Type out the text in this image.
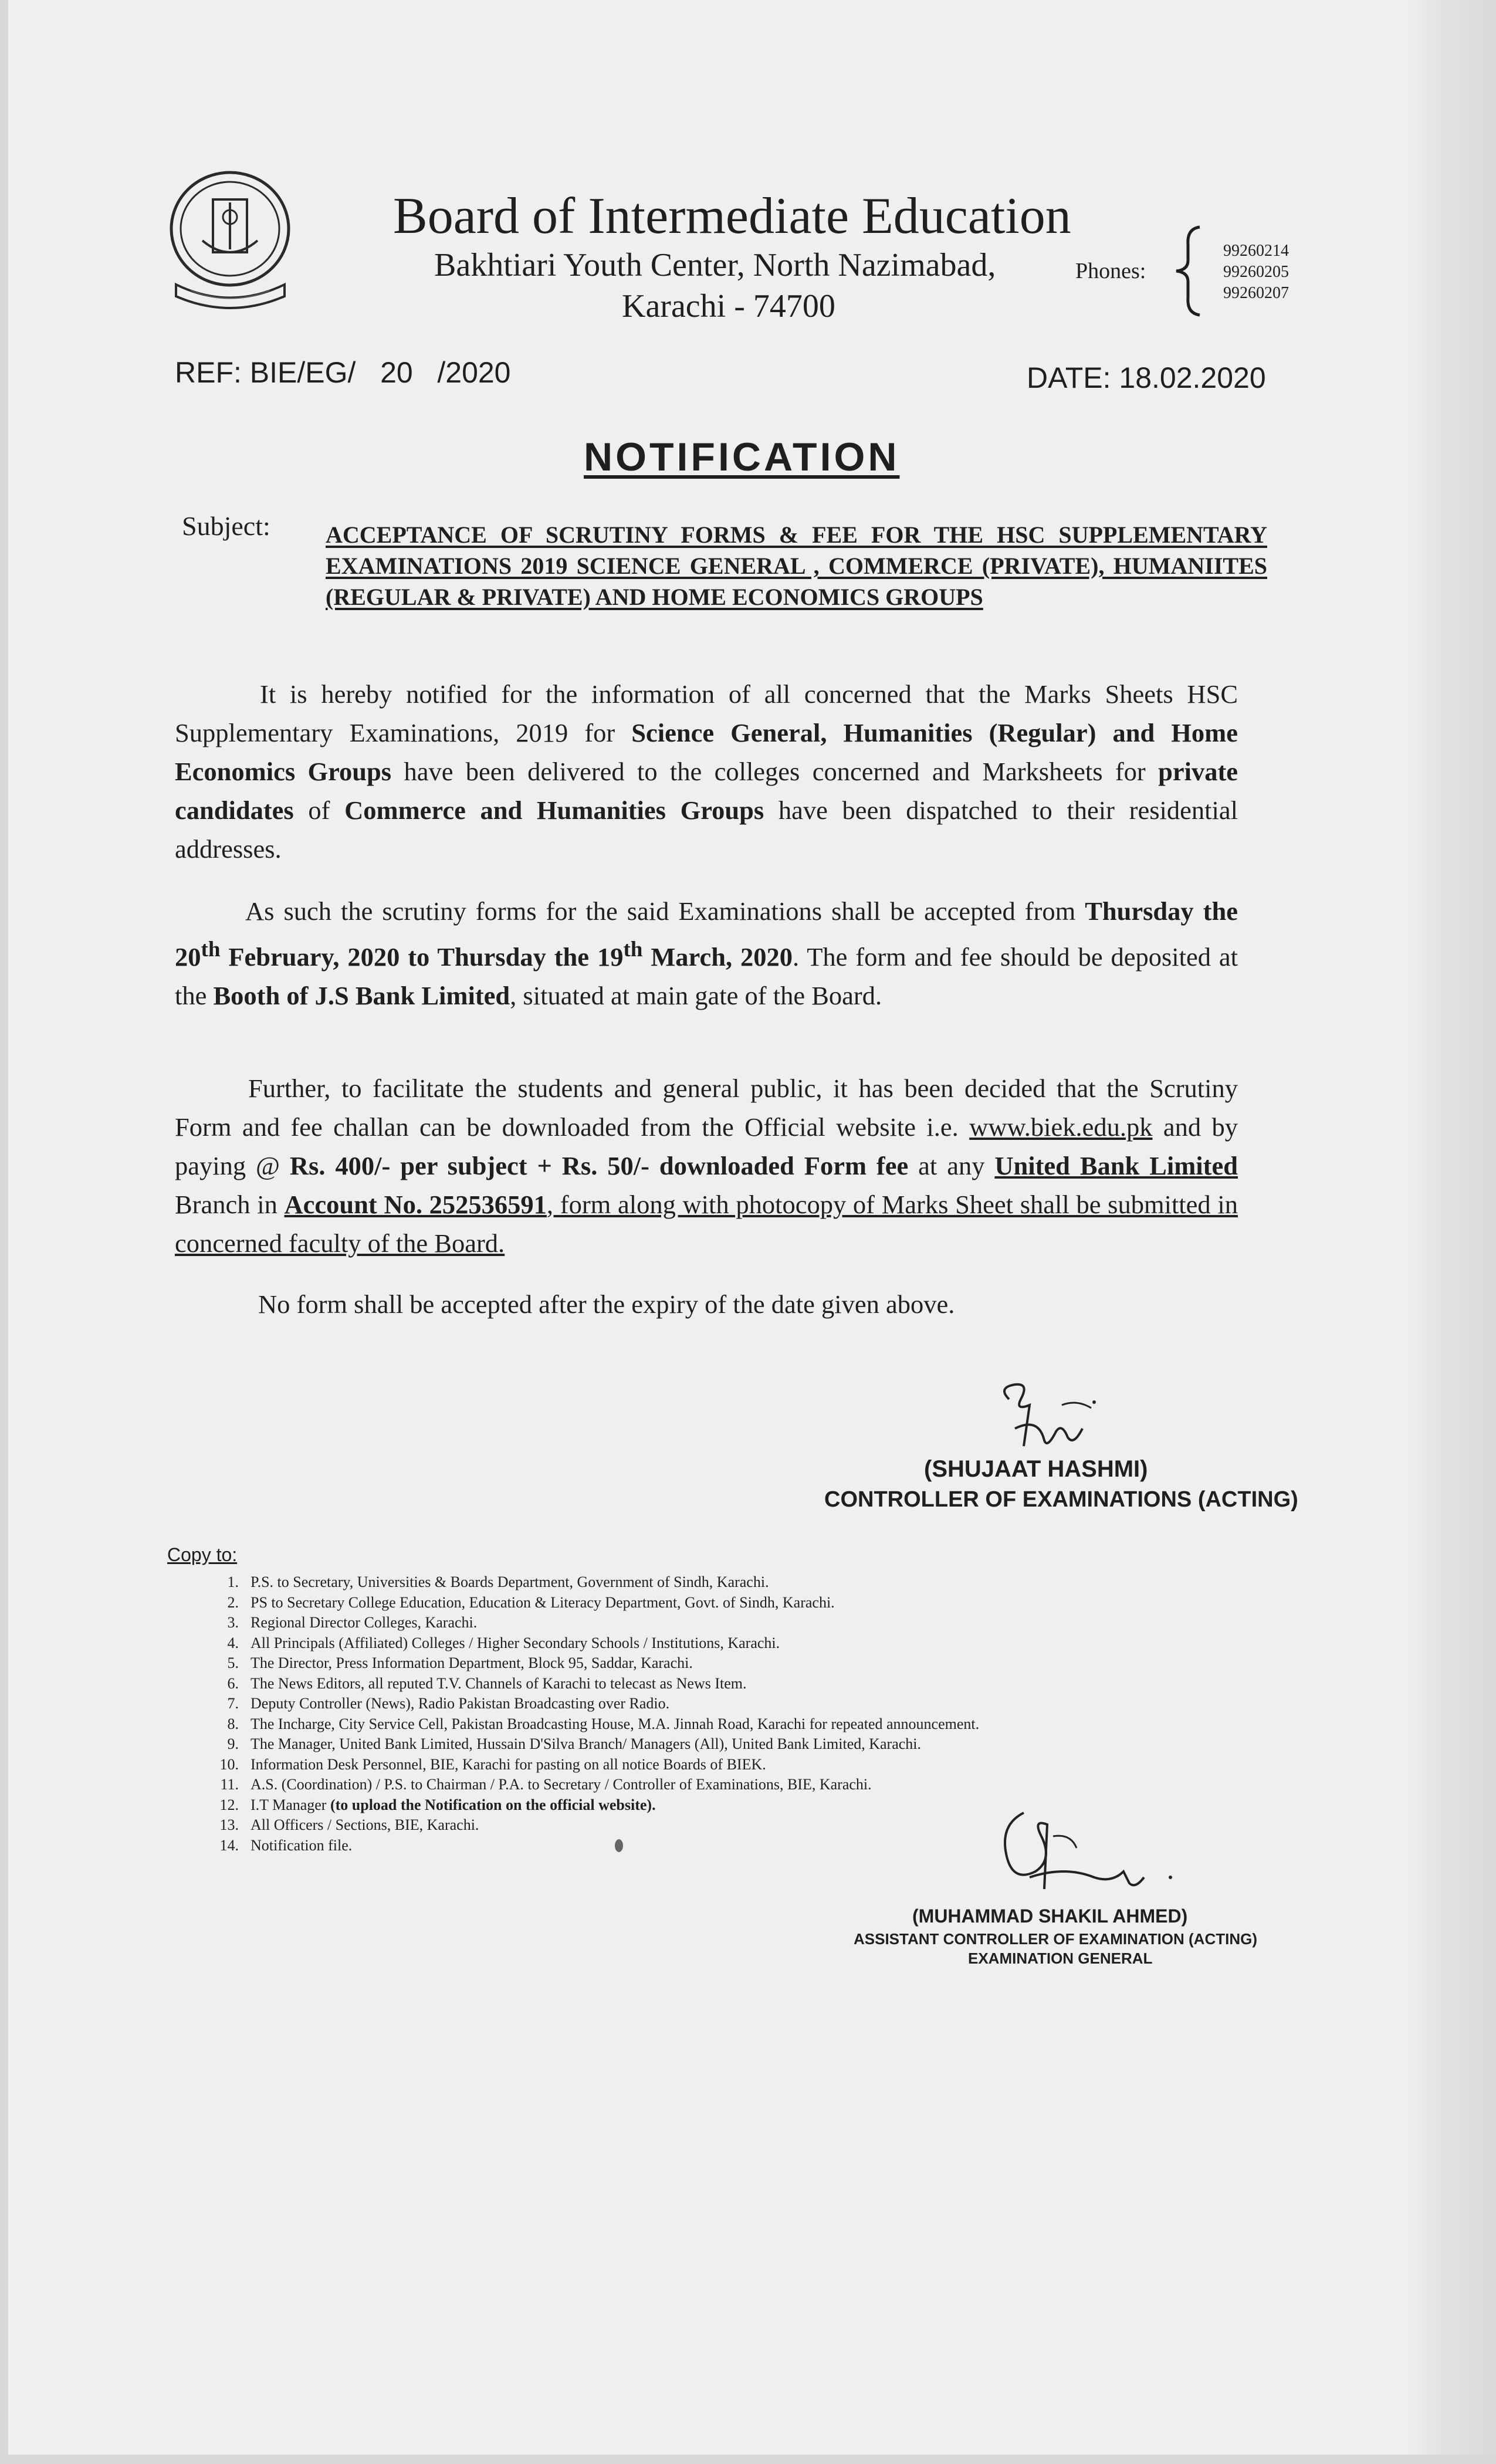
Board of Intermediate Education
Bakhtiari Youth Center, North Nazimabad,
Karachi - 74700
Phones:
99260214
99260205
99260207
REF: BIE/EG/   20   /2020	DATE: 18.02.2020
NOTIFICATION
Subject: ACCEPTANCE OF SCRUTINY FORMS & FEE FOR THE HSC SUPPLEMENTARY EXAMINATIONS 2019 SCIENCE GENERAL , COMMERCE (PRIVATE), HUMANIITES (REGULAR & PRIVATE) AND HOME ECONOMICS GROUPS
It is hereby notified for the information of all concerned that the Marks Sheets HSC Supplementary Examinations, 2019 for Science General, Humanities (Regular) and Home Economics Groups have been delivered to the colleges concerned and Marksheets for private candidates of Commerce and Humanities Groups have been dispatched to their residential addresses.
As such the scrutiny forms for the said Examinations shall be accepted from Thursday the 20th February, 2020 to Thursday the 19th March, 2020. The form and fee should be deposited at the Booth of J.S Bank Limited, situated at main gate of the Board.
Further, to facilitate the students and general public, it has been decided that the Scrutiny Form and fee challan can be downloaded from the Official website i.e. www.biek.edu.pk and by paying @ Rs. 400/- per subject + Rs. 50/- downloaded Form fee at any United Bank Limited Branch in Account No. 252536591, form along with photocopy of Marks Sheet shall be submitted in concerned faculty of the Board.
No form shall be accepted after the expiry of the date given above.
(SHUJAAT HASHMI)
CONTROLLER OF EXAMINATIONS (ACTING)
Copy to:
1. P.S. to Secretary, Universities & Boards Department, Government of Sindh, Karachi.
2. PS to Secretary College Education, Education & Literacy Department, Govt. of Sindh, Karachi.
3. Regional Director Colleges, Karachi.
4. All Principals (Affiliated) Colleges / Higher Secondary Schools / Institutions, Karachi.
5. The Director, Press Information Department, Block 95, Saddar, Karachi.
6. The News Editors, all reputed T.V. Channels of Karachi to telecast as News Item.
7. Deputy Controller (News), Radio Pakistan Broadcasting over Radio.
8. The Incharge, City Service Cell, Pakistan Broadcasting House, M.A. Jinnah Road, Karachi for repeated announcement.
9. The Manager, United Bank Limited, Hussain D'Silva Branch/ Managers (All), United Bank Limited, Karachi.
10. Information Desk Personnel, BIE, Karachi for pasting on all notice Boards of BIEK.
11. A.S. (Coordination) / P.S. to Chairman / P.A. to Secretary / Controller of Examinations, BIE, Karachi.
12. I.T Manager (to upload the Notification on the official website).
13. All Officers / Sections, BIE, Karachi.
14. Notification file.
(MUHAMMAD SHAKIL AHMED)
ASSISTANT CONTROLLER OF EXAMINATION (ACTING)
EXAMINATION GENERAL
